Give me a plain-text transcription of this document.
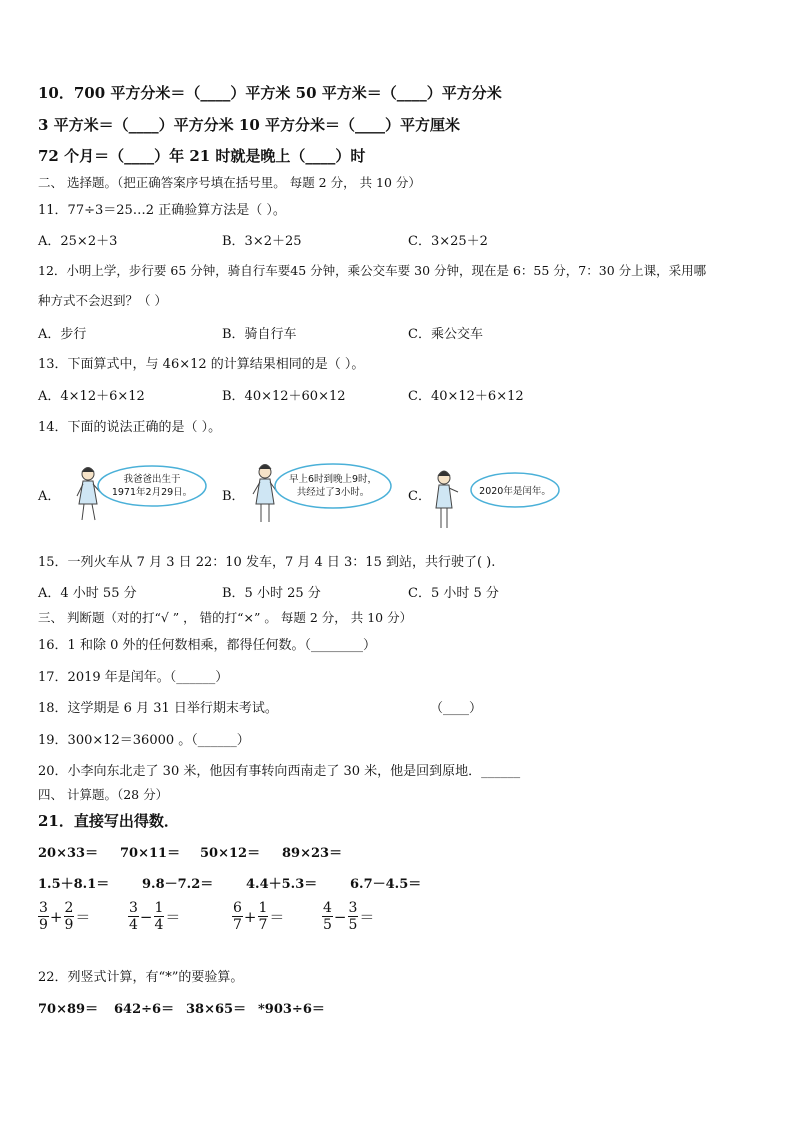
10．700 平方分米＝（____）平方米 50 平方米＝（____）平方分米
3 平方米＝（____）平方分米 10 平方分米＝（____）平方厘米
72 个月＝（____）年 21 时就是晚上（____）时
二、 选择题。（把正确答案序号填在括号里。 每题 2 分， 共 10 分）
11．77÷3＝25…2 正确验算方法是（ ）。
A．25×2＋3	B．3×2＋25	C．3×25＋2
12．小明上学，步行要 65 分钟，骑自行车要45 分钟，乘公交车要 30 分钟，现在是 6：55 分，7：30 分上课，采用哪
种方式不会迟到？（ ）
A．步行	B．骑自行车	C．乘公交车
13．下面算式中，与 46×12 的计算结果相同的是（ ）。
A．4×12＋6×12	B．40×12＋60×12	C．40×12＋6×12
14．下面的说法正确的是（ ）。
A．	B．	C．
我爸爸出生于
1971年2月29日。
早上6时到晚上9时，
共经过了3小时。	2020年是闰年。
15．一列火车从 7 月 3 日 22：10 发车，7 月 4 日 3：15 到站，共行驶了( ).
A．4 小时 55 分	B．5 小时 25 分	C．5 小时 5 分
三、 判断题（对的打“√ ” ， 错的打“×” 。 每题 2 分， 共 10 分）
16．1 和除 0 外的任何数相乘，都得任何数。（________）
17．2019 年是闰年。（______）
18．这学期是 6 月 31 日举行期末考试。	（____）
19．300×12＝36000 。（______）
20．小李向东北走了 30 米，他因有事转向西南走了 30 米，他是回到原地．______
四、 计算题。（28 分）
21．直接写出得数．
20×33＝ 70×11＝ 50×12＝ 89×23＝
1.5＋8.1＝	9.8－7.2＝	4.4＋5.3＝	6.7－4.5＝
$\frac{3}{9} + \frac{2}{9}$ ＝	$\frac{3}{4} - \frac{1}{4}$ ＝	$\frac{6}{7} + \frac{1}{7}$ ＝	$\frac{4}{5} - \frac{3}{5}$ ＝
22．列竖式计算，有“*”的要验算。
70×89＝ 642÷6＝ 38×65＝ *903÷6＝
